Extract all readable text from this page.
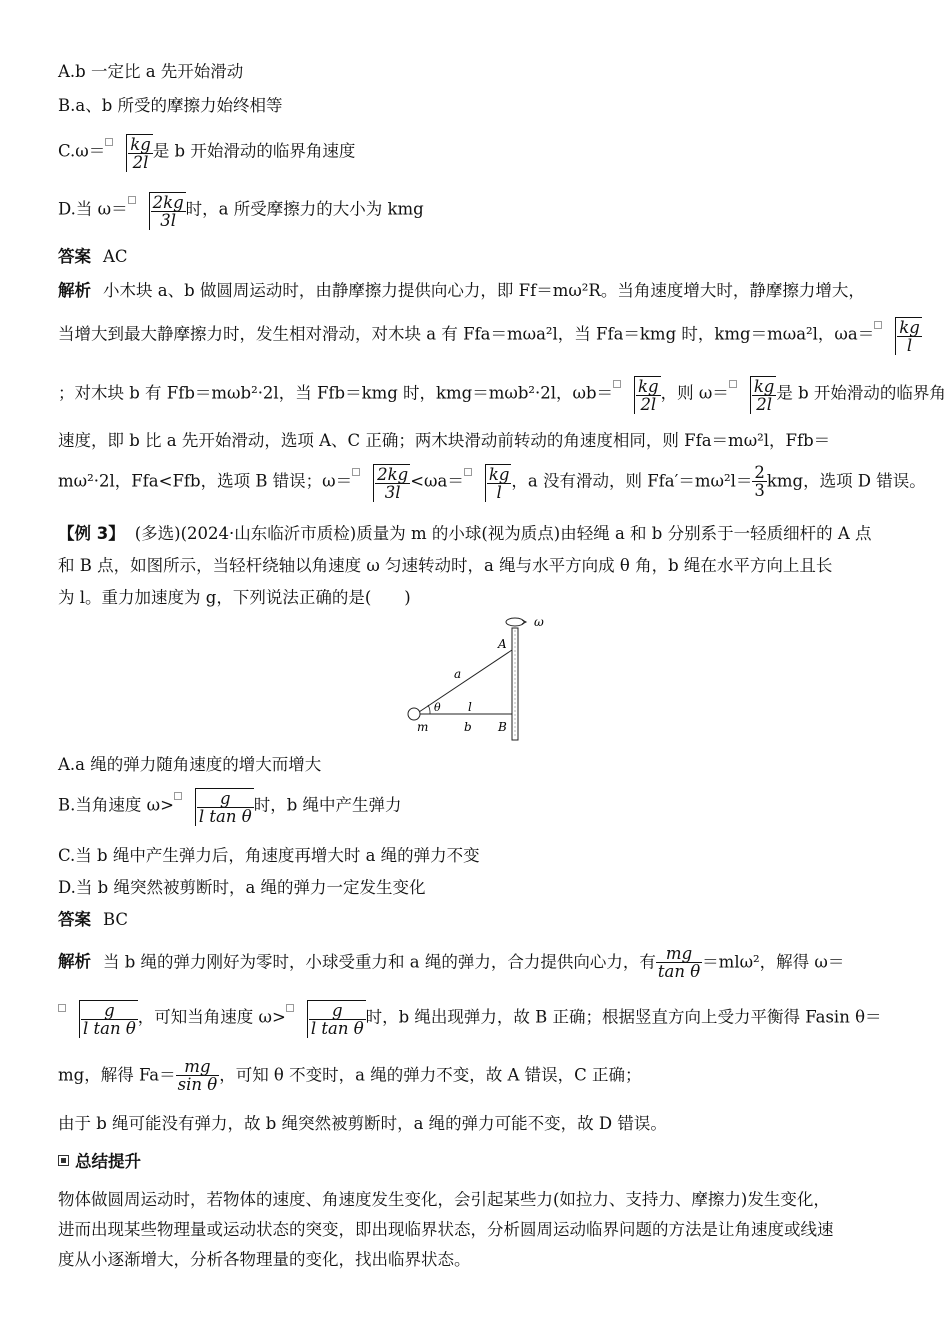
A.b 一定比 a 先开始滑动
B.a、b 所受的摩擦力始终相等
$C.\omega= \frac{kg}{2l}$ 是 b 开始滑动的临界角速度
D.当 $\omega= \frac{2kg}{3l}$ 时，a 所受摩擦力的大小为 kmg
答案 AC
解析 小木块 a、b 做圆周运动时，由静摩擦力提供向心力，即 Ff＝mω²R。当角速度增大时，静摩擦力增大，
当增大到最大静摩擦力时，发生相对滑动，对木块 a 有 Ffa＝mωa²l，当 Ffa＝kmg 时，kmg＝mωa²l，$\omega a= \frac{kg}{l}$
；对木块 b 有 Ffb＝mωb²·2l，当 Ffb＝kmg 时，kmg＝mωb²·2l，$\omega b= \frac{kg}{2l}$ ，则 $\omega= \frac{kg}{2l}$ 是 b 开始滑动的临界角
速度，即 b 比 a 先开始滑动，选项 A、C 正确；两木块滑动前转动的角速度相同，则 Ffa＝mω²l，Ffb＝
mω²·2l，Ffa<Ffb，选项 B 错误；$\omega= \frac{2kg}{3l} <\omega a= \frac{kg}{l}$ ，a 没有滑动，则 $Ffa'=m\omega^2l= \frac{2}{3}$ kmg，选项 D 错误。
【例 3】 (多选)(2024·山东临沂市质检)质量为 m 的小球(视为质点)由轻绳 a 和 b 分别系于一轻质细杆的 A 点
和 B 点，如图所示，当轻杆绕轴以角速度 ω 匀速转动时，a 绳与水平方向成 θ 角，b 绳在水平方向上且长
为 l。重力加速度为 g，下列说法正确的是(　　)
ω
A
B
a
θ l
m	b
A.a 绳的弹力随角速度的增大而增大
B.当角速度 $\omega> \frac{g}{\text{l tan θ}}$ 时，b 绳中产生弹力
C.当 b 绳中产生弹力后，角速度再增大时 a 绳的弹力不变
D.当 b 绳突然被剪断时，a 绳的弹力一定发生变化
答案 BC
解析 当 b 绳的弹力刚好为零时，小球受重力和 a 绳的弹力，合力提供向心力，有 $\frac{mg}{\text{tan θ}} =ml\omega^2$，解得 ω＝
$\frac{g}{\text{l tan θ}}$ ，可知当角速度 $\omega> \frac{g}{\text{l tan θ}}$ 时，b 绳出现弹力，故 B 正确；根据竖直方向上受力平衡得 Fasin θ＝
mg，解得 $Fa= \frac{mg}{\text{sin θ}}$ ，可知 θ 不变时，a 绳的弹力不变，故 A 错误，C 正确；
由于 b 绳可能没有弹力，故 b 绳突然被剪断时，a 绳的弹力可能不变，故 D 错误。
总结提升
物体做圆周运动时，若物体的速度、角速度发生变化，会引起某些力(如拉力、支持力、摩擦力)发生变化，
进而出现某些物理量或运动状态的突变，即出现临界状态，分析圆周运动临界问题的方法是让角速度或线速
度从小逐渐增大，分析各物理量的变化，找出临界状态。
